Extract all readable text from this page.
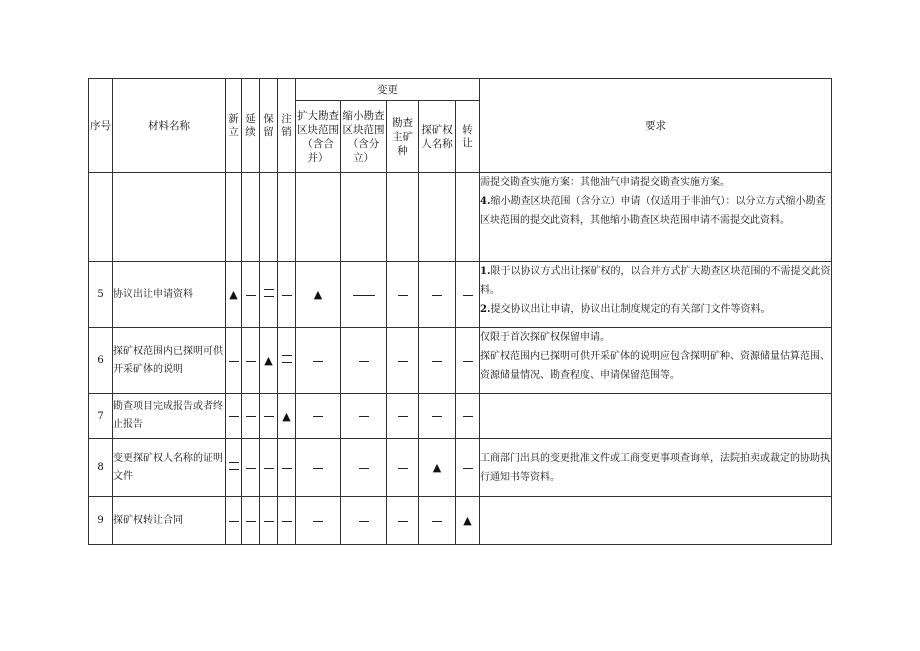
序号	材料名称	新立	延续	保留	注销	变更					要求
						扩大勘查区块范围（含合并）	缩小勘查区块范围（含分立）	勘查主矿种	探矿权人名称	转让	

											需提交勘查实施方案：其他油气申请提交勘查实施方案。

4.缩小勘查区块范围（含分立）申请（仅适用于非油气）：以分立方式缩小勘查区块范围的提交此资料，其他缩小勘查区块范围申请不需提交此资料。

5	协议出让申请资料	▲				▲					1.限于以协议方式出让探矿权的，以合并方式扩大勘查区块范围的不需提交此资料。

2.提交协议出让申请，协议出让制度规定的有关部门文件等资料。

6	探矿权范围内已探明可供开采矿体的说明			▲							仅限于首次探矿权保留申请。

探矿权范围内已探明可供开采矿体的说明应包含探明矿种、资源储量估算范围、资源储量情况、勘查程度、申请保留范围等。

7	勘查项目完成报告或者终止报告				▲						
8	变更探矿权人名称的证明文件								▲		工商部门出具的变更批准文件或工商变更事项查询单，法院拍卖或裁定的协助执行通知书等资料。

9	探矿权转让合同									▲	
